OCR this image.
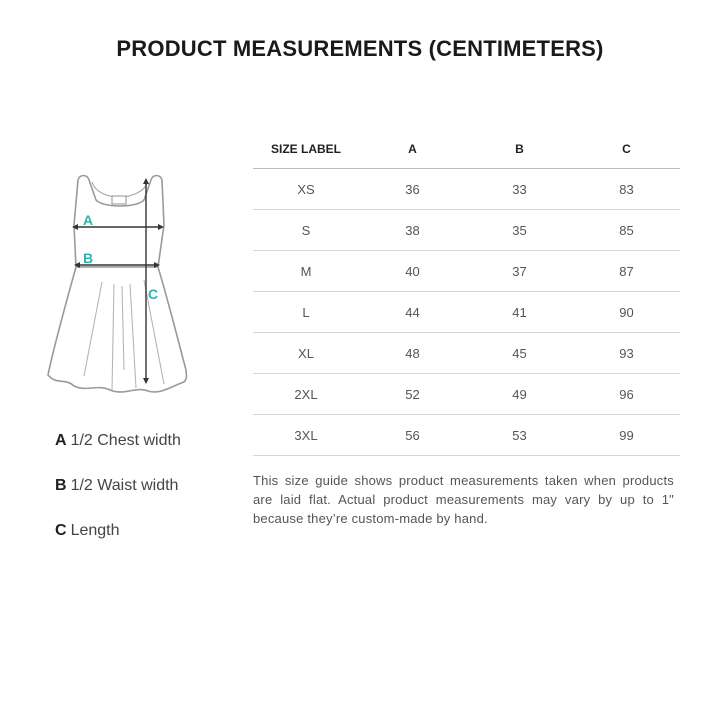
PRODUCT MEASUREMENTS (CENTIMETERS)
A
B
C
A 1/2 Chest width
B 1/2 Waist width
C Length
SIZE LABEL	A	B	C
XS	36	33	83
S	38	35	85
M	40	37	87
L	44	41	90
XL	48	45	93
2XL	52	49	96
3XL	56	53	99
This size guide shows product measurements taken when products are laid flat. Actual product measurements may vary by up to 1" because they’re custom-made by hand.
